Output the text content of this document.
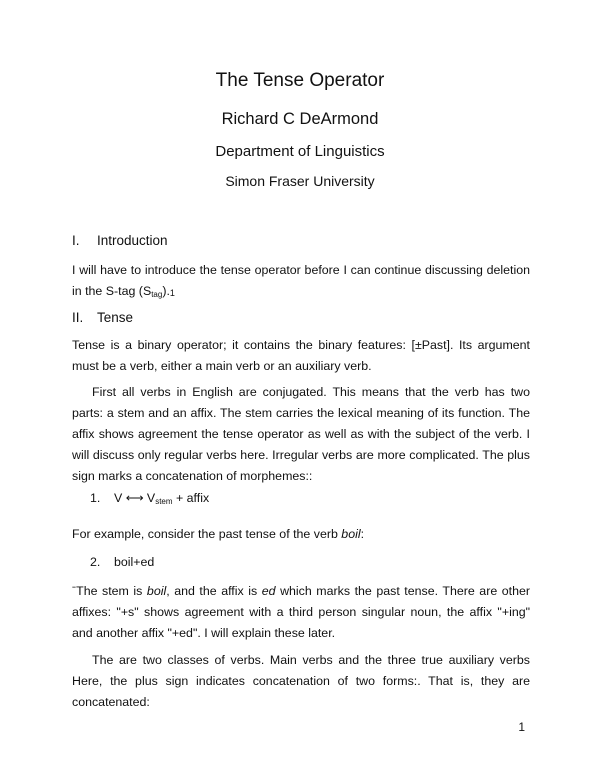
The Tense Operator
Richard C DeArmond
Department of Linguistics
Simon Fraser University
I. Introduction
I will have to introduce the tense operator before I can continue discussing deletion in the S-tag $(S_{tag}).1$
II. Tense
Tense is a binary operator; it contains the binary features: [±Past]. Its argument must be a verb, either a main verb or an auxiliary verb.
First all verbs in English are conjugated. This means that the verb has two parts: a stem and an affix. The stem carries the lexical meaning of its function. The affix shows agreement the tense operator as well as with the subject of the verb. I will discuss only regular verbs here. Irregular verbs are more complicated. The plus sign marks a concatenation of morphemes::
1. V ⟷ $V_{stem}$ + affix
For example, consider the past tense of the verb boil:
2. boil+ed
ˉThe stem is boil, and the affix is ed which marks the past tense. There are other affixes: "+s" shows agreement with a third person singular noun, the affix "+ing" and another affix "+ed". I will explain these later.
The are two classes of verbs. Main verbs and the three true auxiliary verbs Here, the plus sign indicates concatenation of two forms:. That is, they are concatenated:
1
